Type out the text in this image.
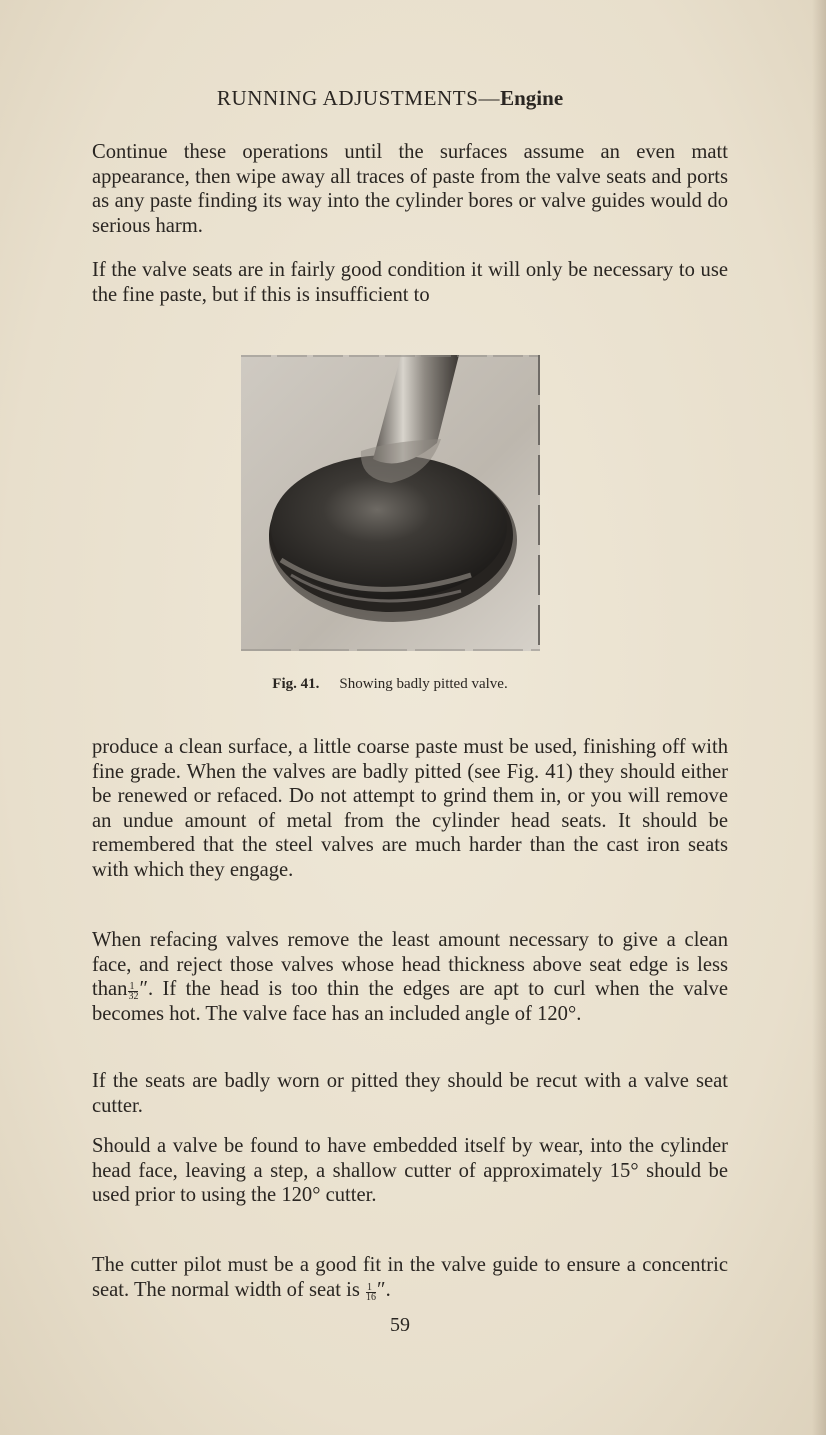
RUNNING ADJUSTMENTS—Engine

Continue these operations until the surfaces assume an even matt appearance, then wipe away all traces of paste from the valve seats and ports as any paste finding its way into the cylinder bores or valve guides would do serious harm.

If the valve seats are in fairly good condition it will only be necessary to use the fine paste, but if this is insufficient to

Fig. 41. Showing badly pitted valve.

produce a clean surface, a little coarse paste must be used, finishing off with fine grade. When the valves are badly pitted (see Fig. 41) they should either be renewed or refaced. Do not attempt to grind them in, or you will remove an undue amount of metal from the cylinder head seats. It should be remembered that the steel valves are much harder than the cast iron seats with which they engage.

When refacing valves remove the least amount necessary to give a clean face, and reject those valves whose head thickness above seat edge is less than $\frac{1}{32}$ ″. If the head is too thin the edges are apt to curl when the valve becomes hot. The valve face has an included angle of 120°.

If the seats are badly worn or pitted they should be recut with a valve seat cutter.

Should a valve be found to have embedded itself by wear, into the cylinder head face, leaving a step, a shallow cutter of approximately 15° should be used prior to using the 120° cutter.

The cutter pilot must be a good fit in the valve guide to ensure a concentric seat. The normal width of seat is $\frac{1}{16}$ ″.

59
